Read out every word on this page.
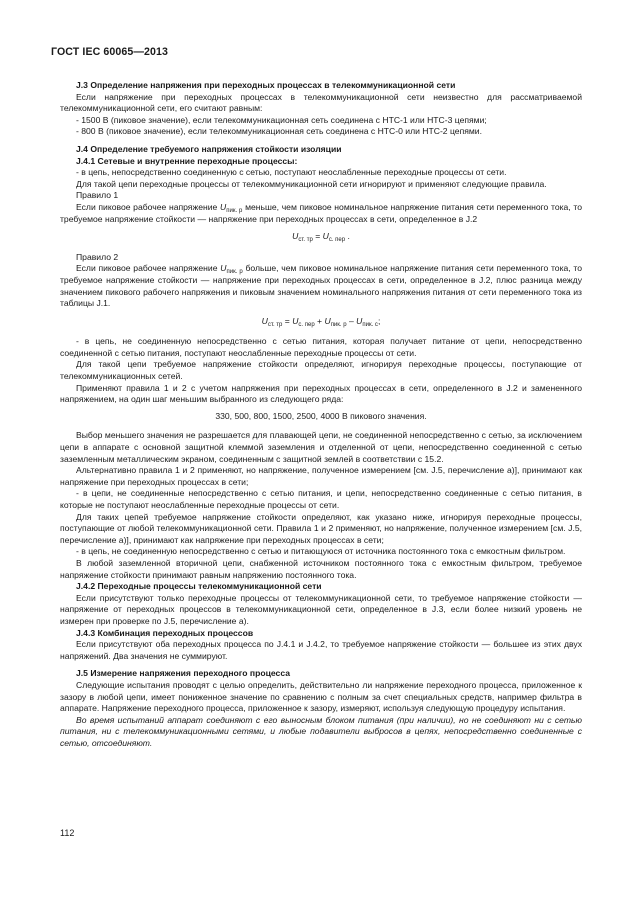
ГОСТ IEC 60065—2013

J.3 Определение напряжения при переходных процессах в телекоммуникационной сети

Если напряжение при переходных процессах в телекоммуникационной сети неизвестно для рассматриваемой телекоммуникационной сети, его считают равным:

- 1500 В (пиковое значение), если телекоммуникационная сеть соединена с НТС-1 или НТС-3 цепями;

- 800 В (пиковое значение), если телекоммуникационная сеть соединена с НТС-0 или НТС-2 цепями.

J.4 Определение требуемого напряжения стойкости изоляции

J.4.1 Сетевые и внутренние переходные процессы:

- в цепь, непосредственно соединенную с сетью, поступают неослабленные переходные процессы от сети.

Для такой цепи переходные процессы от телекоммуникационной сети игнорируют и применяют следующие правила.

Правило 1

Если пиковое рабочее напряжение $U_{пик. р}$ меньше, чем пиковое номинальное напряжение питания сети переменного тока, то требуемое напряжение стойкости — напряжение при переходных процессах в сети, определенное в J.2

$U_{ст. тр} = U_{с. пер}$ .

Правило 2

Если пиковое рабочее напряжение $U_{пик. р}$ больше, чем пиковое номинальное напряжение питания сети переменного тока, то требуемое напряжение стойкости — напряжение при переходных процессах в сети, определенное в J.2, плюс разница между значением пикового рабочего напряжения и пиковым значением номинального напряжения питания от сети переменного тока из таблицы J.1.

$U_{ст. тр} = U_{с. пер} + U_{пик. р} - U_{пик. с}$;

- в цепь, не соединенную непосредственно с сетью питания, которая получает питание от цепи, непосредственно соединенной с сетью питания, поступают неослабленные переходные процессы от сети.

Для такой цепи требуемое напряжение стойкости определяют, игнорируя переходные процессы, поступающие от телекоммуникационных сетей.

Применяют правила 1 и 2 с учетом напряжения при переходных процессах в сети, определенного в J.2 и замененного напряжением, на один шаг меньшим выбранного из следующего ряда:

330, 500, 800, 1500, 2500, 4000 В пикового значения.

Выбор меньшего значения не разрешается для плавающей цепи, не соединенной непосредственно с сетью, за исключением цепи в аппарате с основной защитной клеммой заземления и отделенной от цепи, непосредственно соединенной с сетью заземленным металлическим экраном, соединенным с защитной землей в соответствии с 15.2.

Альтернативно правила 1 и 2 применяют, но напряжение, полученное измерением [см. J.5, перечисление а)], принимают как напряжение при переходных процессах в сети;

- в цепи, не соединенные непосредственно с сетью питания, и цепи, непосредственно соединенные с сетью питания, в которые не поступают неослабленные переходные процессы от сети.

Для таких цепей требуемое напряжение стойкости определяют, как указано ниже, игнорируя переходные процессы, поступающие от любой телекоммуникационной сети. Правила 1 и 2 применяют, но напряжение, полученное измерением [см. J.5, перечисление а)], принимают как напряжение при переходных процессах в сети;

- в цепь, не соединенную непосредственно с сетью и питающуюся от источника постоянного тока с емкостным фильтром.

В любой заземленной вторичной цепи, снабженной источником постоянного тока с емкостным фильтром, требуемое напряжение стойкости принимают равным напряжению постоянного тока.

J.4.2 Переходные процессы телекоммуникационной сети

Если присутствуют только переходные процессы от телекоммуникационной сети, то требуемое напряжение стойкости — напряжение от переходных процессов в телекоммуникационной сети, определенное в J.3, если более низкий уровень не измерен при проверке по J.5, перечисление а).

J.4.3 Комбинация переходных процессов

Если присутствуют оба переходных процесса по J.4.1 и J.4.2, то требуемое напряжение стойкости — большее из этих двух напряжений. Два значения не суммируют.

J.5 Измерение напряжения переходного процесса

Следующие испытания проводят с целью определить, действительно ли напряжение переходного процесса, приложенное к зазору в любой цепи, имеет пониженное значение по сравнению с полным за счет специальных средств, например фильтра в аппарате. Напряжение переходного процесса, приложенное к зазору, измеряют, используя следующую процедуру испытания.

Во время испытаний аппарат соединяют с его выносным блоком питания (при наличии), но не соединяют ни с сетью питания, ни с телекоммуникационными сетями, и любые подавители выбросов в цепях, непосредственно соединенные с сетью, отсоединяют.

112
